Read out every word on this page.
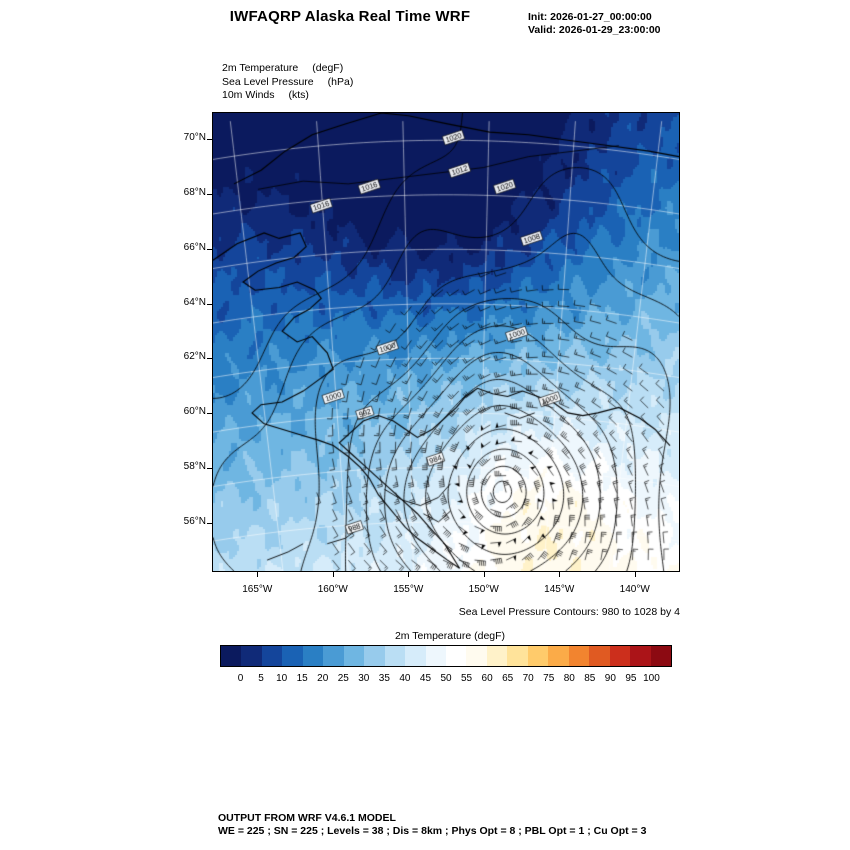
IWFAQRP Alaska Real Time WRF	Init: 2026-01-27_00:00:00
Valid: 2026-01-29_23:00:00
2m Temperature (degF)
Sea Level Pressure (hPa)
10m Winds (kts)
70°N
68°N
66°N
64°N
62°N
60°N
58°N
56°N
165°W	160°W	155°W	150°W	145°W	140°W
Sea Level Pressure Contours: 980 to 1028 by 4
2m Temperature (degF)
0 5 10 15 20 25 30 35 40 45 50 55 60 65 70 75 80 85 90 95 100
OUTPUT FROM WRF V4.6.1 MODEL
WE = 225 ; SN = 225 ; Levels = 38 ; Dis = 8km ; Phys Opt = 8 ; PBL Opt = 1 ; Cu Opt = 3
